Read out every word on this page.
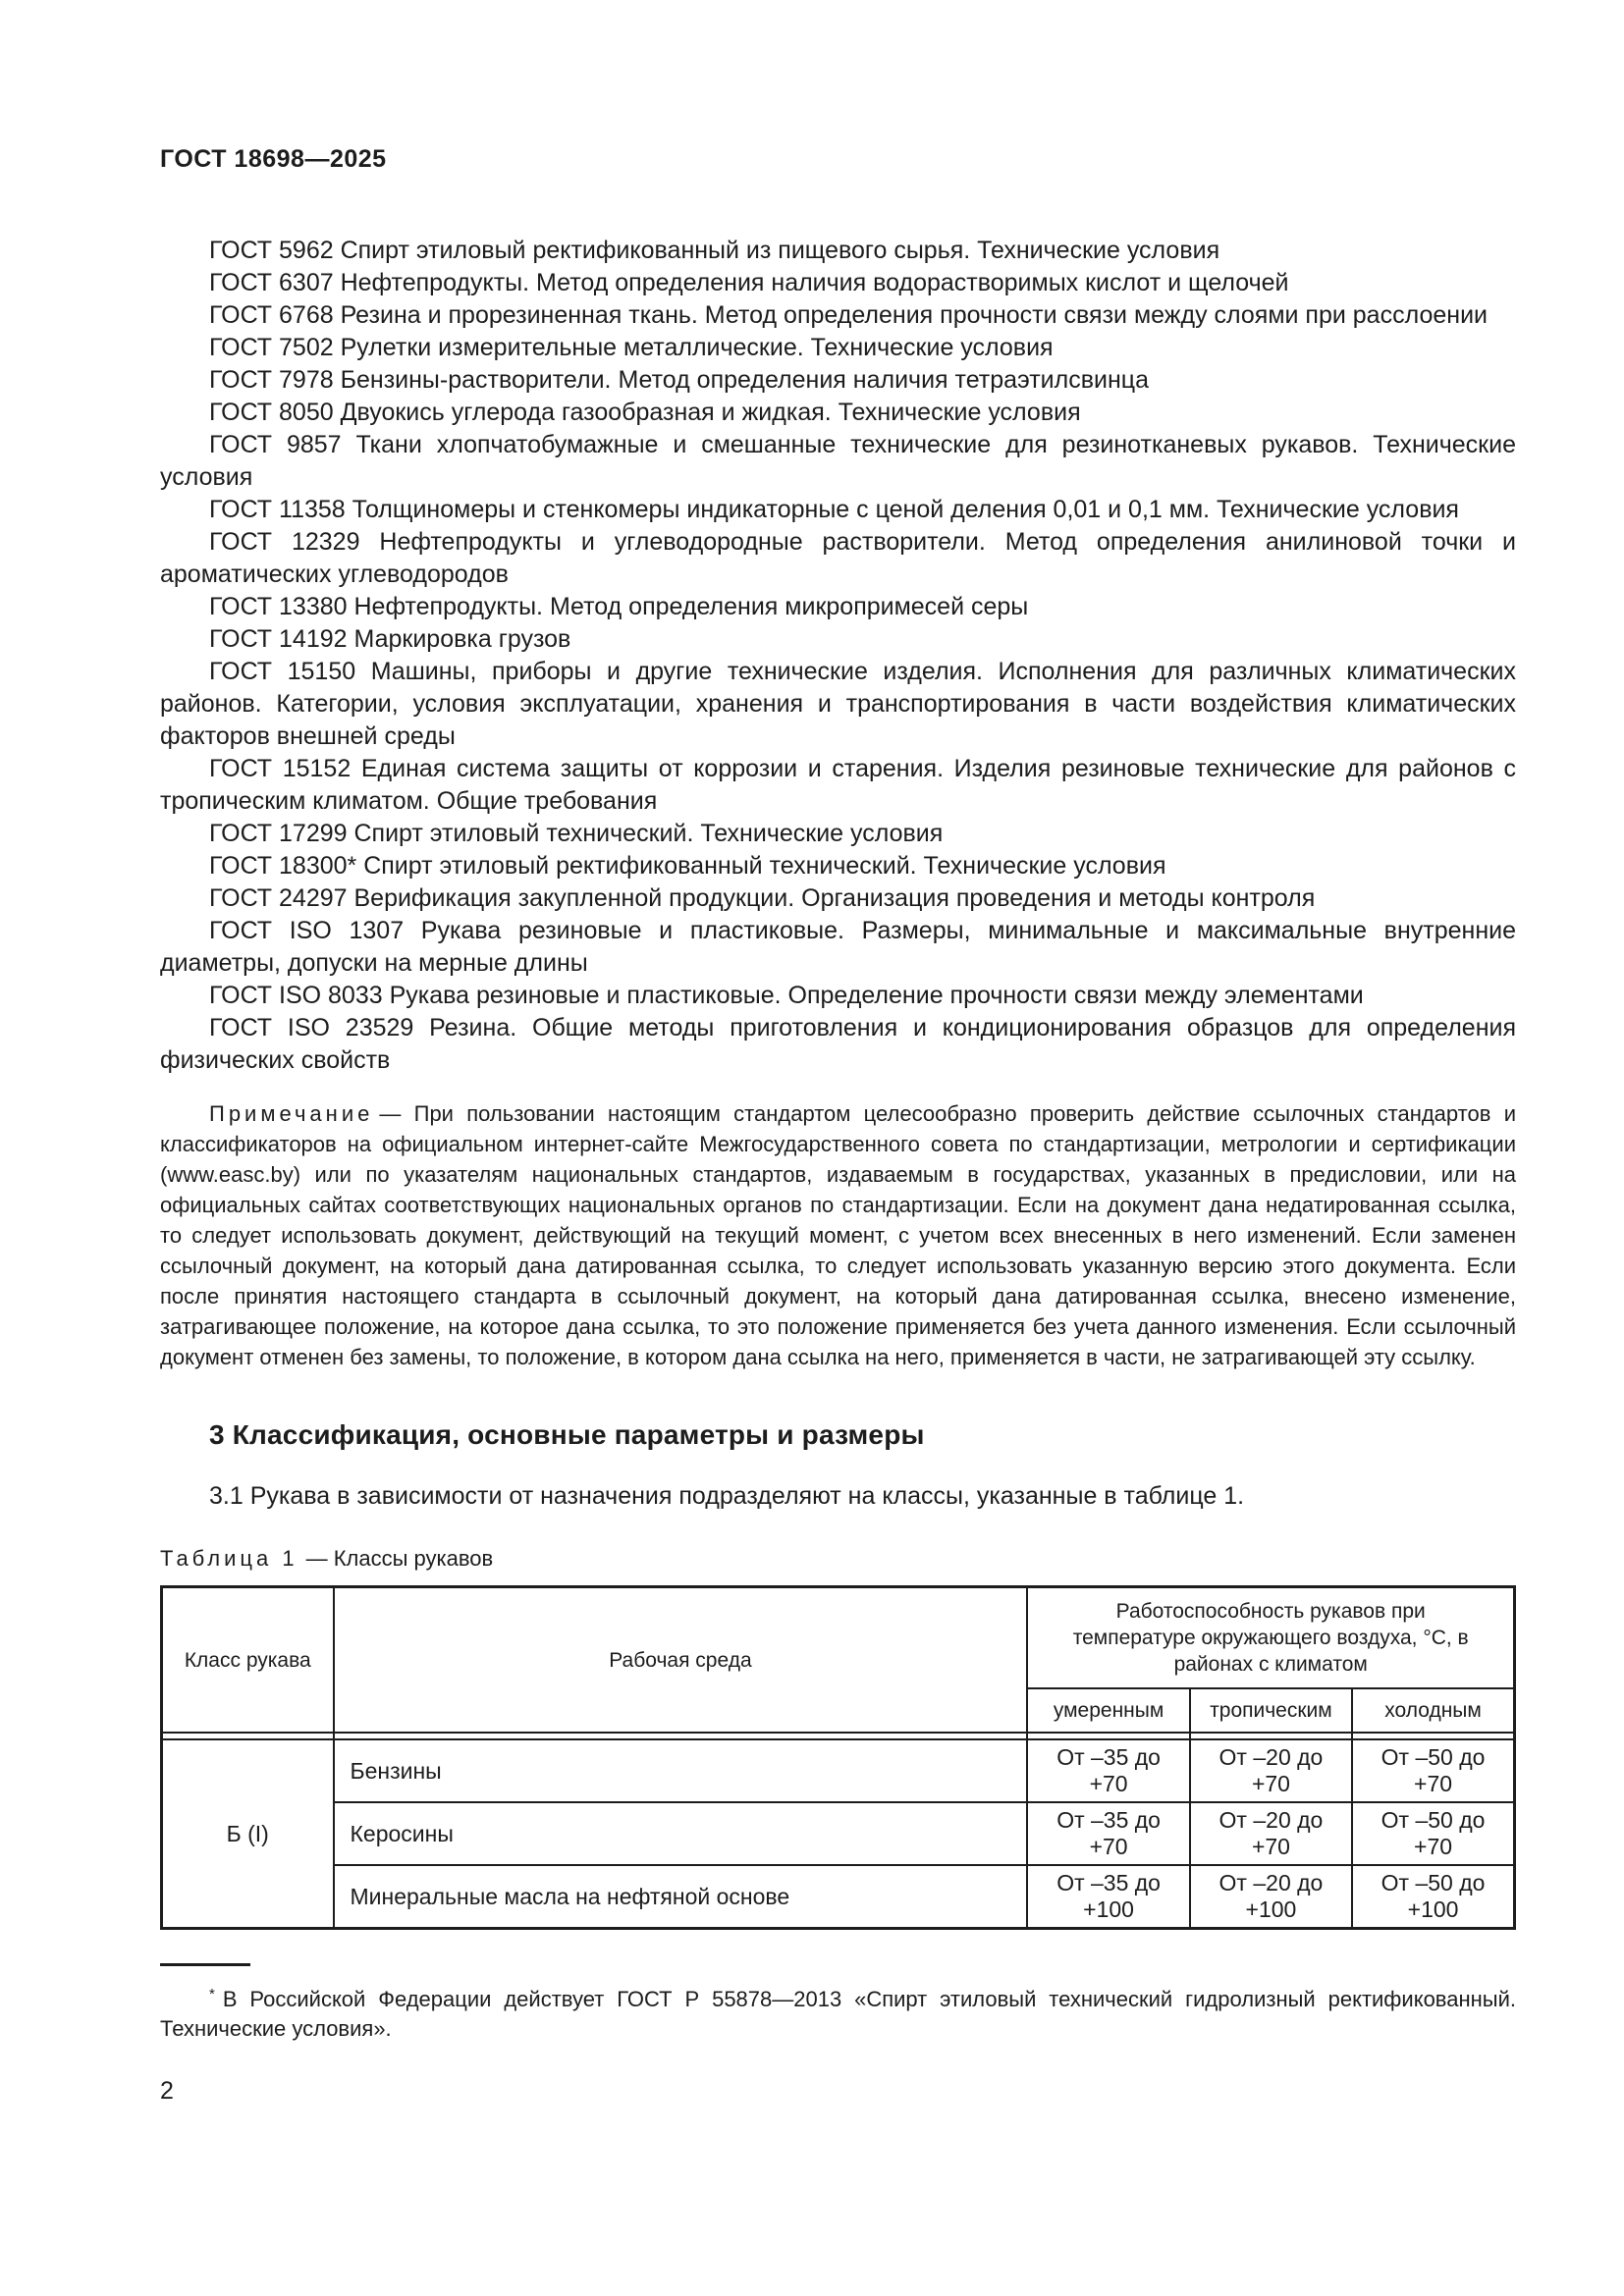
ГОСТ 18698—2025

ГОСТ 5962 Спирт этиловый ректификованный из пищевого сырья. Технические условия

ГОСТ 6307 Нефтепродукты. Метод определения наличия водорастворимых кислот и щелочей

ГОСТ 6768 Резина и прорезиненная ткань. Метод определения прочности связи между слоями при расслоении

ГОСТ 7502 Рулетки измерительные металлические. Технические условия

ГОСТ 7978 Бензины-растворители. Метод определения наличия тетраэтилсвинца

ГОСТ 8050 Двуокись углерода газообразная и жидкая. Технические условия

ГОСТ 9857 Ткани хлопчатобумажные и смешанные технические для резинотканевых рукавов. Технические условия

ГОСТ 11358 Толщиномеры и стенкомеры индикаторные с ценой деления 0,01 и 0,1 мм. Технические условия

ГОСТ 12329 Нефтепродукты и углеводородные растворители. Метод определения анилиновой точки и ароматических углеводородов

ГОСТ 13380 Нефтепродукты. Метод определения микропримесей серы

ГОСТ 14192 Маркировка грузов

ГОСТ 15150 Машины, приборы и другие технические изделия. Исполнения для различных климатических районов. Категории, условия эксплуатации, хранения и транспортирования в части воздействия климатических факторов внешней среды

ГОСТ 15152 Единая система защиты от коррозии и старения. Изделия резиновые технические для районов с тропическим климатом. Общие требования

ГОСТ 17299 Спирт этиловый технический. Технические условия

ГОСТ 18300* Спирт этиловый ректификованный технический. Технические условия

ГОСТ 24297 Верификация закупленной продукции. Организация проведения и методы контроля

ГОСТ ISO 1307 Рукава резиновые и пластиковые. Размеры, минимальные и максимальные внутренние диаметры, допуски на мерные длины

ГОСТ ISO 8033 Рукава резиновые и пластиковые. Определение прочности связи между элементами

ГОСТ ISO 23529 Резина. Общие методы приготовления и кондиционирования образцов для определения физических свойств

Примечание — При пользовании настоящим стандартом целесообразно проверить действие ссылочных стандартов и классификаторов на официальном интернет-сайте Межгосударственного совета по стандартизации, метрологии и сертификации (www.easc.by) или по указателям национальных стандартов, издаваемым в государствах, указанных в предисловии, или на официальных сайтах соответствующих национальных органов по стандартизации. Если на документ дана недатированная ссылка, то следует использовать документ, действующий на текущий момент, с учетом всех внесенных в него изменений. Если заменен ссылочный документ, на который дана датированная ссылка, то следует использовать указанную версию этого документа. Если после принятия настоящего стандарта в ссылочный документ, на который дана датированная ссылка, внесено изменение, затрагивающее положение, на которое дана ссылка, то это положение применяется без учета данного изменения. Если ссылочный документ отменен без замены, то положение, в котором дана ссылка на него, применяется в части, не затрагивающей эту ссылку.

3 Классификация, основные параметры и размеры

3.1 Рукава в зависимости от назначения подразделяют на классы, указанные в таблице 1.

Таблица 1 — Классы рукавов

Класс рукава	Рабочая среда	Работоспособность рукавов при температуре окружающего воздуха, °С, в районах с климатом		
		умеренным	тропическим	холодным

Б (I)	Бензины	От –35 до +70	От –20 до +70	От –50 до +70
	Керосины	От –35 до +70	От –20 до +70	От –50 до +70
	Минеральные масла на нефтяной основе	От –35 до +100	От –20 до +100	От –50 до +100

* В Российской Федерации действует ГОСТ Р 55878—2013 «Спирт этиловый технический гидролизный ректификованный. Технические условия».

2
